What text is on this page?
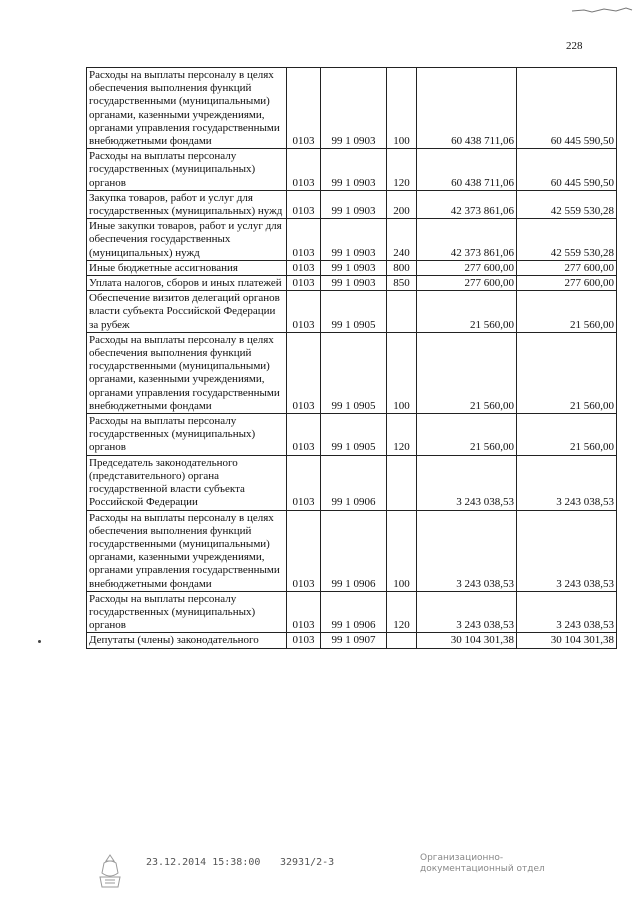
228
Расходы на выплаты персоналу в целях обеспечения выполнения функций государственными (муниципальными) органами, казенными учреждениями, органами управления государственными внебюджетными фондами	0103	99 1 0903	100	60 438 711,06	60 445 590,50
Расходы на выплаты персоналу государственных (муниципальных) органов	0103	99 1 0903	120	60 438 711,06	60 445 590,50
Закупка товаров, работ и услуг для государственных (муниципальных) нужд	0103	99 1 0903	200	42 373 861,06	42 559 530,28
Иные закупки товаров, работ и услуг для обеспечения государственных (муниципальных) нужд	0103	99 1 0903	240	42 373 861,06	42 559 530,28
Иные бюджетные ассигнования	0103	99 1 0903	800	277 600,00	277 600,00
Уплата налогов, сборов и иных платежей	0103	99 1 0903	850	277 600,00	277 600,00
Обеспечение визитов делегаций органов власти субъекта Российской Федерации за рубеж	0103	99 1 0905		21 560,00	21 560,00
Расходы на выплаты персоналу в целях обеспечения выполнения функций государственными (муниципальными) органами, казенными учреждениями, органами управления государственными внебюджетными фондами	0103	99 1 0905	100	21 560,00	21 560,00
Расходы на выплаты персоналу государственных (муниципальных) органов	0103	99 1 0905	120	21 560,00	21 560,00
Председатель законодательного (представительного) органа государственной власти субъекта Российской Федерации	0103	99 1 0906		3 243 038,53	3 243 038,53
Расходы на выплаты персоналу в целях обеспечения выполнения функций государственными (муниципальными) органами, казенными учреждениями, органами управления государственными внебюджетными фондами	0103	99 1 0906	100	3 243 038,53	3 243 038,53
Расходы на выплаты персоналу государственных (муниципальных) органов	0103	99 1 0906	120	3 243 038,53	3 243 038,53
Депутаты (члены) законодательного	0103	99 1 0907		30 104 301,38	30 104 301,38
23.12.2014 15:38:00 32931/2-3	Организационно-документационный отдел
